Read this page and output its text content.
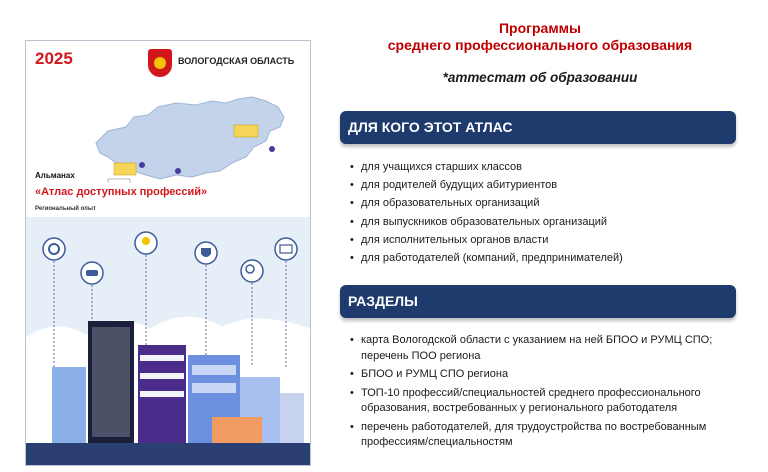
2025	ВОЛОГОДСКАЯ ОБЛАСТЬ
Альманах
«Атлас доступных профессий»
Региональный опыт
Программы
среднего профессионального образования
*аттестат об образовании
ДЛЯ КОГО ЭТОТ АТЛАС
• для учащихся старших классов
• для родителей будущих абитуриентов
• для образовательных организаций
• для выпускников образовательных организаций
• для исполнительных органов власти
• для работодателей (компаний, предпринимателей)
РАЗДЕЛЫ
• карта Вологодской области с указанием на ней БПОО и РУМЦ СПО; перечень ПОО региона
• БПОО и РУМЦ СПО региона
• ТОП-10 профессий/специальностей среднего профессионального образования, востребованных у регионального работодателя
• перечень работодателей, для трудоустройства по востребованным профессиям/специальностям
